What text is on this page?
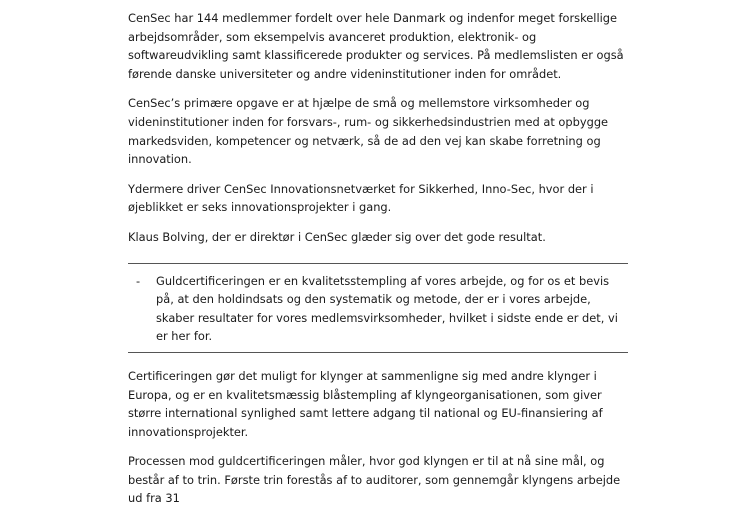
CenSec har 144 medlemmer fordelt over hele Danmark og indenfor meget forskellige arbejdsområder, som eksempelvis avanceret produktion, elektronik- og softwareudvikling samt klassificerede produkter og services. På medlemslisten er også førende danske universiteter og andre videninstitutioner inden for området.

CenSec’s primære opgave er at hjælpe de små og mellemstore virksomheder og videninstitutioner inden for forsvars-, rum- og sikkerhedsindustrien med at opbygge markedsviden, kompetencer og netværk, så de ad den vej kan skabe forretning og innovation.

Ydermere driver CenSec Innovationsnetværket for Sikkerhed, Inno-Sec, hvor der i øjeblikket er seks innovationsprojekter i gang.

Klaus Bolving, der er direktør i CenSec glæder sig over det gode resultat.

-	Guldcertificeringen er en kvalitetsstempling af vores arbejde, og for os et bevis på, at den holdindsats og den systematik og metode, der er i vores arbejde, skaber resultater for vores medlemsvirksomheder, hvilket i sidste ende er det, vi er her for.

Certificeringen gør det muligt for klynger at sammenligne sig med andre klynger i Europa, og er en kvalitetsmæssig blåstempling af klyngeorganisationen, som giver større international synlighed samt lettere adgang til national og EU-finansiering af innovationsprojekter.

Processen mod guldcertificeringen måler, hvor god klyngen er til at nå sine mål, og består af to trin. Første trin forestås af to auditorer, som gennemgår klyngens arbejde ud fra 31
